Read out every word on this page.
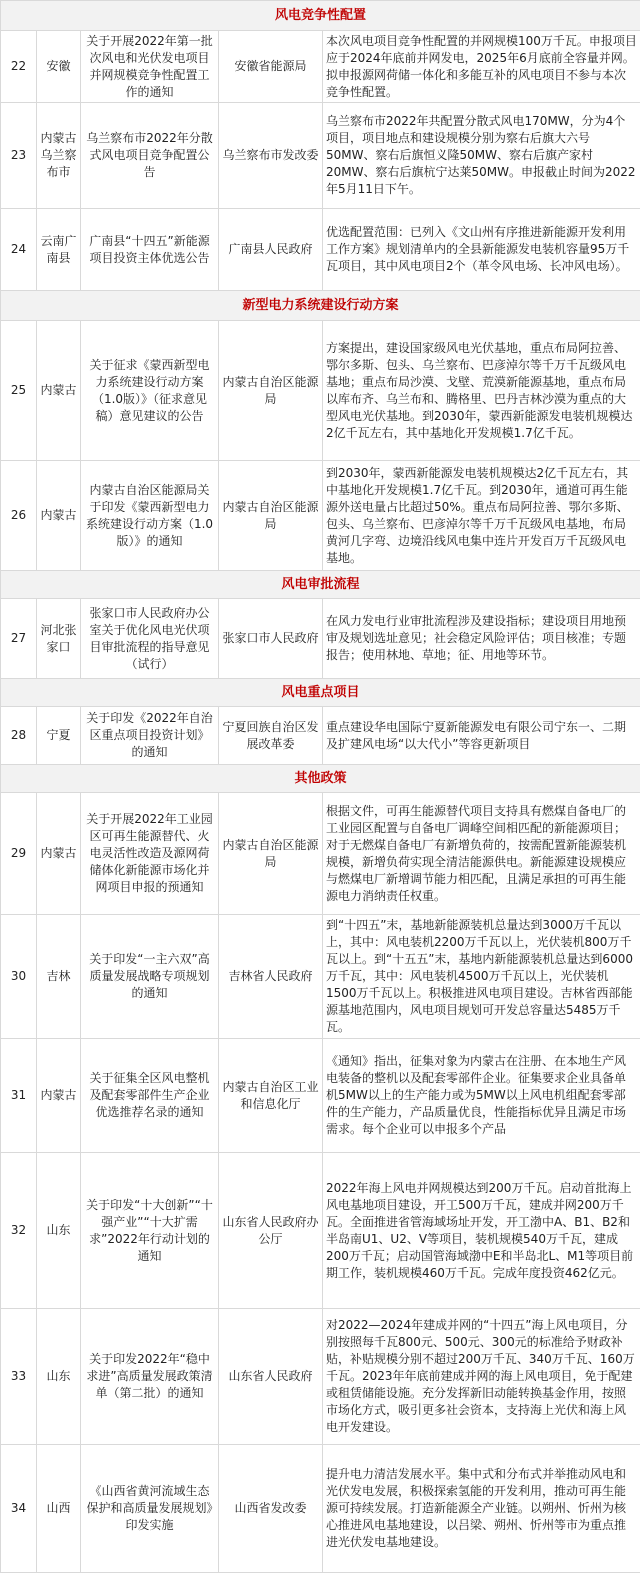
风电竞争性配置				
22	安徽	关于开展2022年第一批次风电和光伏发电项目并网规模竞争性配置工作的通知	安徽省能源局	本次风电项目竞争性配置的并网规模100万千瓦。申报项目应于2024年底前并网发电，2025年6月底前全容量并网。拟申报源网荷储一体化和多能互补的风电项目不参与本次竞争性配置。
23	内蒙古乌兰察布市	乌兰察布市2022年分散式风电项目竞争配置公告	乌兰察布市发改委	乌兰察布市2022年共配置分散式风电170MW，分为4个项目，项目地点和建设规模分别为察右后旗大六号50MW、察右后旗恒义隆50MW、察右后旗产家村20MW、察右后旗杭宁达莱50MW。申报截止时间为2022年5月11日下午。
24	云南广南县	广南县“十四五”新能源项目投资主体优选公告	广南县人民政府	优选配置范围：已列入《文山州有序推进新能源开发利用工作方案》规划清单内的全县新能源发电装机容量95万千瓦项目，其中风电项目2个（革令风电场、长冲风电场）。
新型电力系统建设行动方案				
25	内蒙古	关于征求《蒙西新型电力系统建设行动方案（1.0版）》（征求意见稿）意见建议的公告	内蒙古自治区能源局	方案提出，建设国家级风电光伏基地，重点布局阿拉善、鄂尔多斯、包头、乌兰察布、巴彦淖尔等千万千瓦级风电基地；重点布局沙漠、戈壁、荒漠新能源基地，重点布局以库布齐、乌兰布和、腾格里、巴丹吉林沙漠为重点的大型风电光伏基地。到2030年，蒙西新能源发电装机规模达2亿千瓦左右，其中基地化开发规模1.7亿千瓦。
26	内蒙古	内蒙古自治区能源局关于印发《蒙西新型电力系统建设行动方案（1.0版）》的通知	内蒙古自治区能源局	到2030年，蒙西新能源发电装机规模达2亿千瓦左右，其中基地化开发规模1.7亿千瓦。到2030年，通道可再生能源外送电量占比超过50%。重点布局阿拉善、鄂尔多斯、包头、乌兰察布、巴彦淖尔等千万千瓦级风电基地，布局黄河几字弯、边境沿线风电集中连片开发百万千瓦级风电基地。
风电审批流程				
27	河北张家口	张家口市人民政府办公室关于优化风电光伏项目审批流程的指导意见（试行）	张家口市人民政府	在风力发电行业审批流程涉及建设指标；建设项目用地预审及规划选址意见；社会稳定风险评估；项目核准；专题报告；使用林地、草地；征、用地等环节。
风电重点项目				
28	宁夏	关于印发《2022年自治区重点项目投资计划》的通知	宁夏回族自治区发展改革委	重点建设华电国际宁夏新能源发电有限公司宁东一、二期及扩建风电场“以大代小”等容更新项目
其他政策				
29	内蒙古	关于开展2022年工业园区可再生能源替代、火电灵活性改造及源网荷储体化新能源市场化并网项目申报的预通知	内蒙古自治区能源局	根据文件，可再生能源替代项目支持具有燃煤自备电厂的工业园区配置与自备电厂调峰空间相匹配的新能源项目；对于无燃煤自备电厂有新增负荷的，按需配置新能源装机规模，新增负荷实现全清洁能源供电。新能源建设规模应与燃煤电厂新增调节能力相匹配，且满足承担的可再生能源电力消纳责任权重。
30	吉林	关于印发“一主六双”高质量发展战略专项规划的通知	吉林省人民政府	到“十四五”末，基地新能源装机总量达到3000万千瓦以上，其中：风电装机2200万千瓦以上，光伏装机800万千瓦以上。到“十五五”末，基地内新能源装机总量达到6000万千瓦，其中：风电装机4500万千瓦以上，光伏装机1500万千瓦以上。积极推进风电项目建设。吉林省西部能源基地范围内，风电项目规划可开发总容量达5485万千瓦。
31	内蒙古	关于征集全区风电整机及配套零部件生产企业优选推荐名录的通知	内蒙古自治区工业和信息化厅	《通知》指出，征集对象为内蒙古在注册、在本地生产风电装备的整机以及配套零部件企业。征集要求企业具备单机5MW以上的生产能力或为5MW以上风电机组配套零部件的生产能力，产品质量优良，性能指标优异且满足市场需求。每个企业可以申报多个产品
32	山东	关于印发“十大创新”“十强产业”“十大扩需求”2022年行动计划的通知	山东省人民政府办公厅	2022年海上风电并网规模达到200万千瓦。启动首批海上风电基地项目建设，开工500万千瓦，建成并网200万千瓦。全面推进省管海域场址开发，开工渤中A、B1、B2和半岛南U1、U2、V等项目，装机规模540万千瓦，建成200万千瓦；启动国管海域渤中E和半岛北L、M1等项目前期工作，装机规模460万千瓦。完成年度投资462亿元。
33	山东	关于印发2022年“稳中求进”高质量发展政策清单（第二批）的通知	山东省人民政府	对2022—2024年建成并网的“十四五”海上风电项目，分别按照每千瓦800元、500元、300元的标准给予财政补贴，补贴规模分别不超过200万千瓦、340万千瓦、160万千瓦。2023年年底前建成并网的海上风电项目，免于配建或租赁储能设施。充分发挥新旧动能转换基金作用，按照市场化方式，吸引更多社会资本，支持海上光伏和海上风电开发建设。
34	山西	《山西省黄河流域生态保护和高质量发展规划》印发实施	山西省发改委	提升电力清洁发展水平。集中式和分布式并举推动风电和光伏发电发展，积极探索氢能的开发利用，推动可再生能源可持续发展。打造新能源全产业链。以朔州、忻州为核心推进风电基地建设，以吕梁、朔州、忻州等市为重点推进光伏发电基地建设。
